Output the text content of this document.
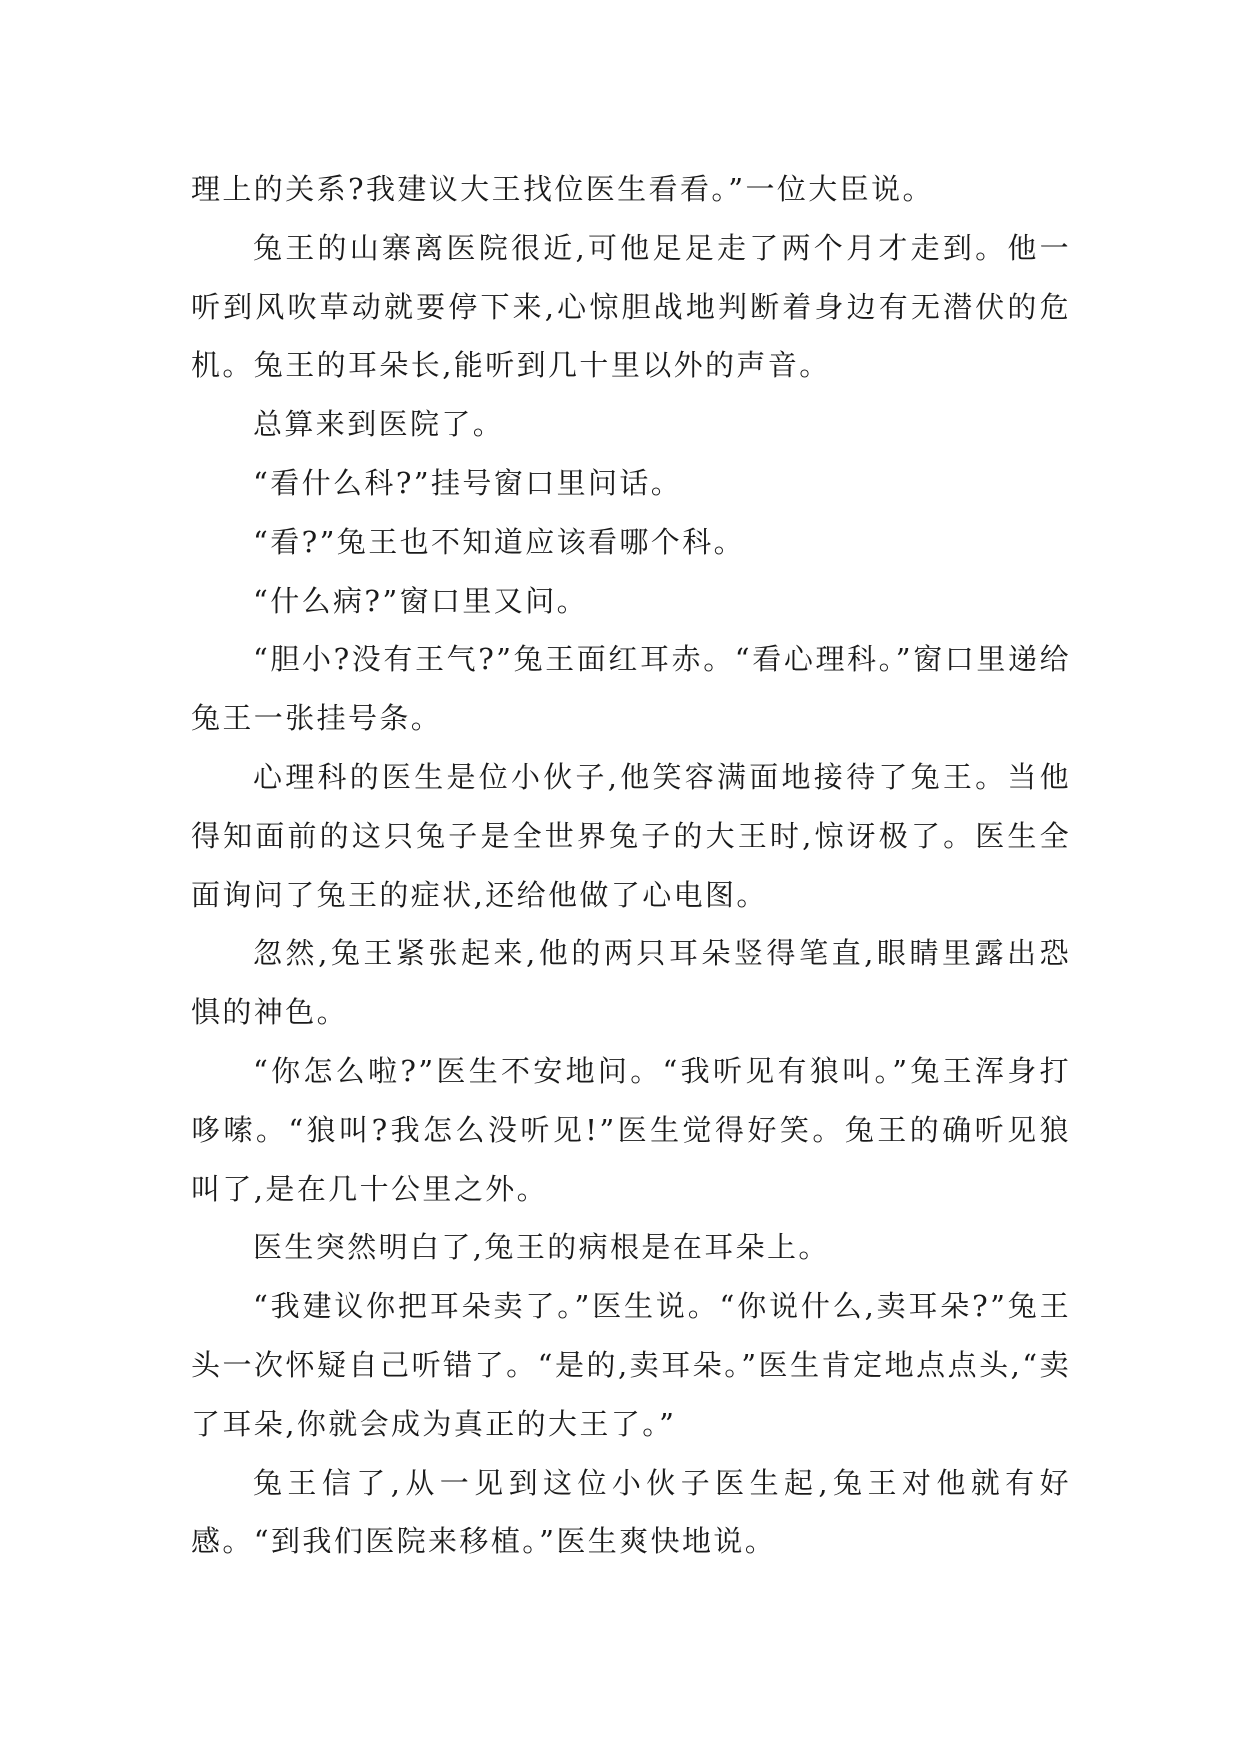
理上的关系?我建议大王找位医生看看。”一位大臣说。

兔王的山寨离医院很近,可他足足走了两个月才走到。他一听到风吹草动就要停下来,心惊胆战地判断着身边有无潜伏的危机。兔王的耳朵长,能听到几十里以外的声音。

总算来到医院了。

“看什么科?”挂号窗口里问话。

“看?”兔王也不知道应该看哪个科。

“什么病?”窗口里又问。

“胆小?没有王气?”兔王面红耳赤。“看心理科。”窗口里递给兔王一张挂号条。

心理科的医生是位小伙子,他笑容满面地接待了兔王。当他得知面前的这只兔子是全世界兔子的大王时,惊讶极了。医生全面询问了兔王的症状,还给他做了心电图。

忽然,兔王紧张起来,他的两只耳朵竖得笔直,眼睛里露出恐惧的神色。

“你怎么啦?”医生不安地问。“我听见有狼叫。”兔王浑身打哆嗦。“狼叫?我怎么没听见!”医生觉得好笑。兔王的确听见狼叫了,是在几十公里之外。

医生突然明白了,兔王的病根是在耳朵上。

“我建议你把耳朵卖了。”医生说。“你说什么,卖耳朵?”兔王头一次怀疑自己听错了。“是的,卖耳朵。”医生肯定地点点头,“卖了耳朵,你就会成为真正的大王了。”

兔王信了,从一见到这位小伙子医生起,兔王对他就有好感。“到我们医院来移植。”医生爽快地说。
